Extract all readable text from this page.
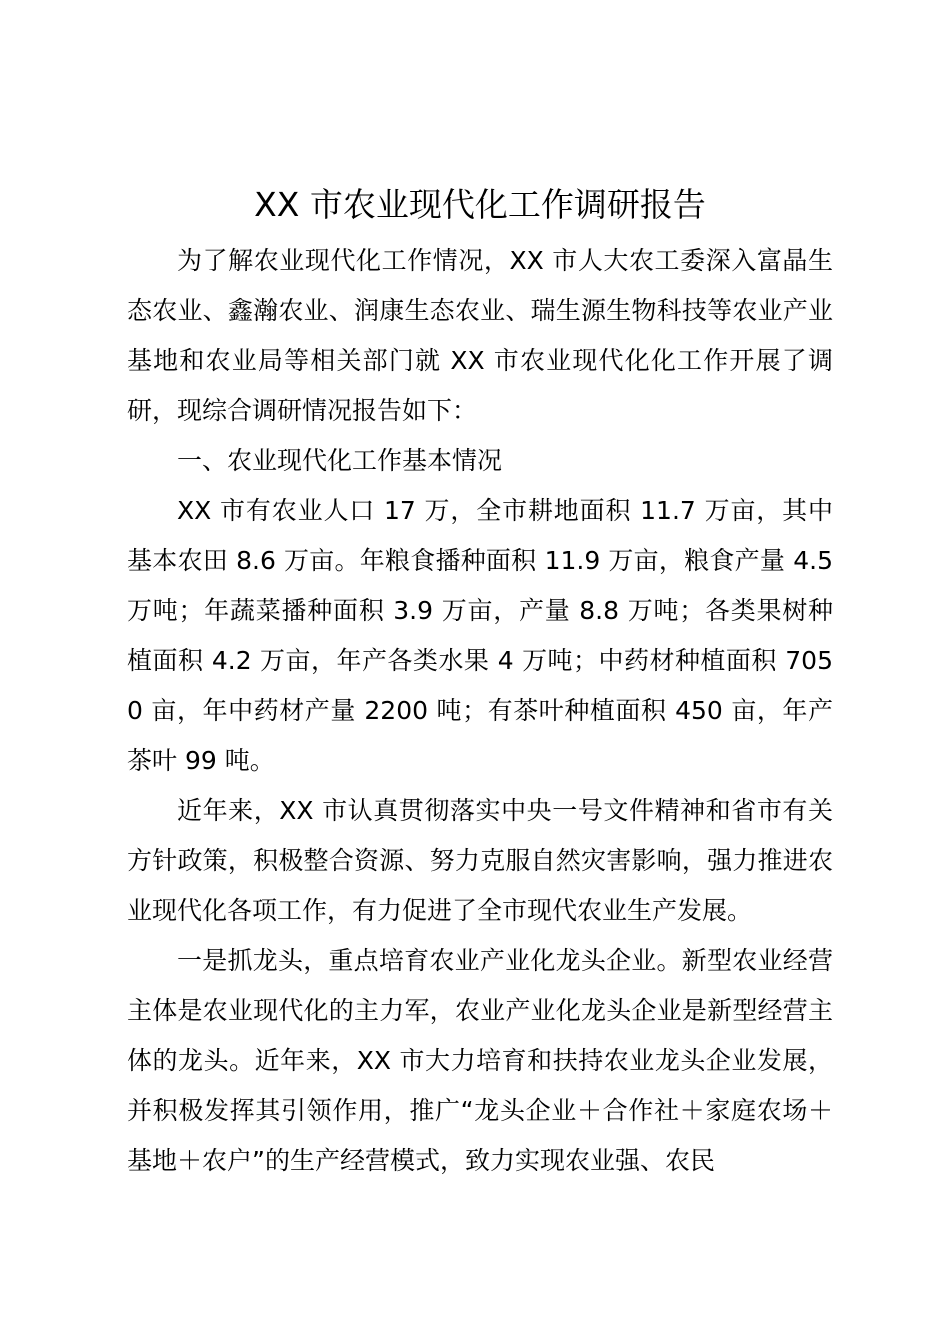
XX 市农业现代化工作调研报告

为了解农业现代化工作情况，XX 市人大农工委深入富晶生态农业、鑫瀚农业、润康生态农业、瑞生源生物科技等农业产业基地和农业局等相关部门就 XX 市农业现代化化工作开展了调研，现综合调研情况报告如下：

一、农业现代化工作基本情况

XX 市有农业人口 17 万，全市耕地面积 11.7 万亩，其中基本农田 8.6 万亩。年粮食播种面积 11.9 万亩，粮食产量 4.5 万吨；年蔬菜播种面积 3.9 万亩，产量 8.8 万吨；各类果树种植面积 4.2 万亩，年产各类水果 4 万吨；中药材种植面积 7050 亩，年中药材产量 2200 吨；有茶叶种植面积 450 亩，年产茶叶 99 吨。

近年来，XX 市认真贯彻落实中央一号文件精神和省市有关方针政策，积极整合资源、努力克服自然灾害影响，强力推进农业现代化各项工作，有力促进了全市现代农业生产发展。

一是抓龙头，重点培育农业产业化龙头企业。新型农业经营主体是农业现代化的主力军，农业产业化龙头企业是新型经营主体的龙头。近年来，XX 市大力培育和扶持农业龙头企业发展，并积极发挥其引领作用，推广“龙头企业＋合作社＋家庭农场＋基地＋农户”的生产经营模式，致力实现农业强、农民
